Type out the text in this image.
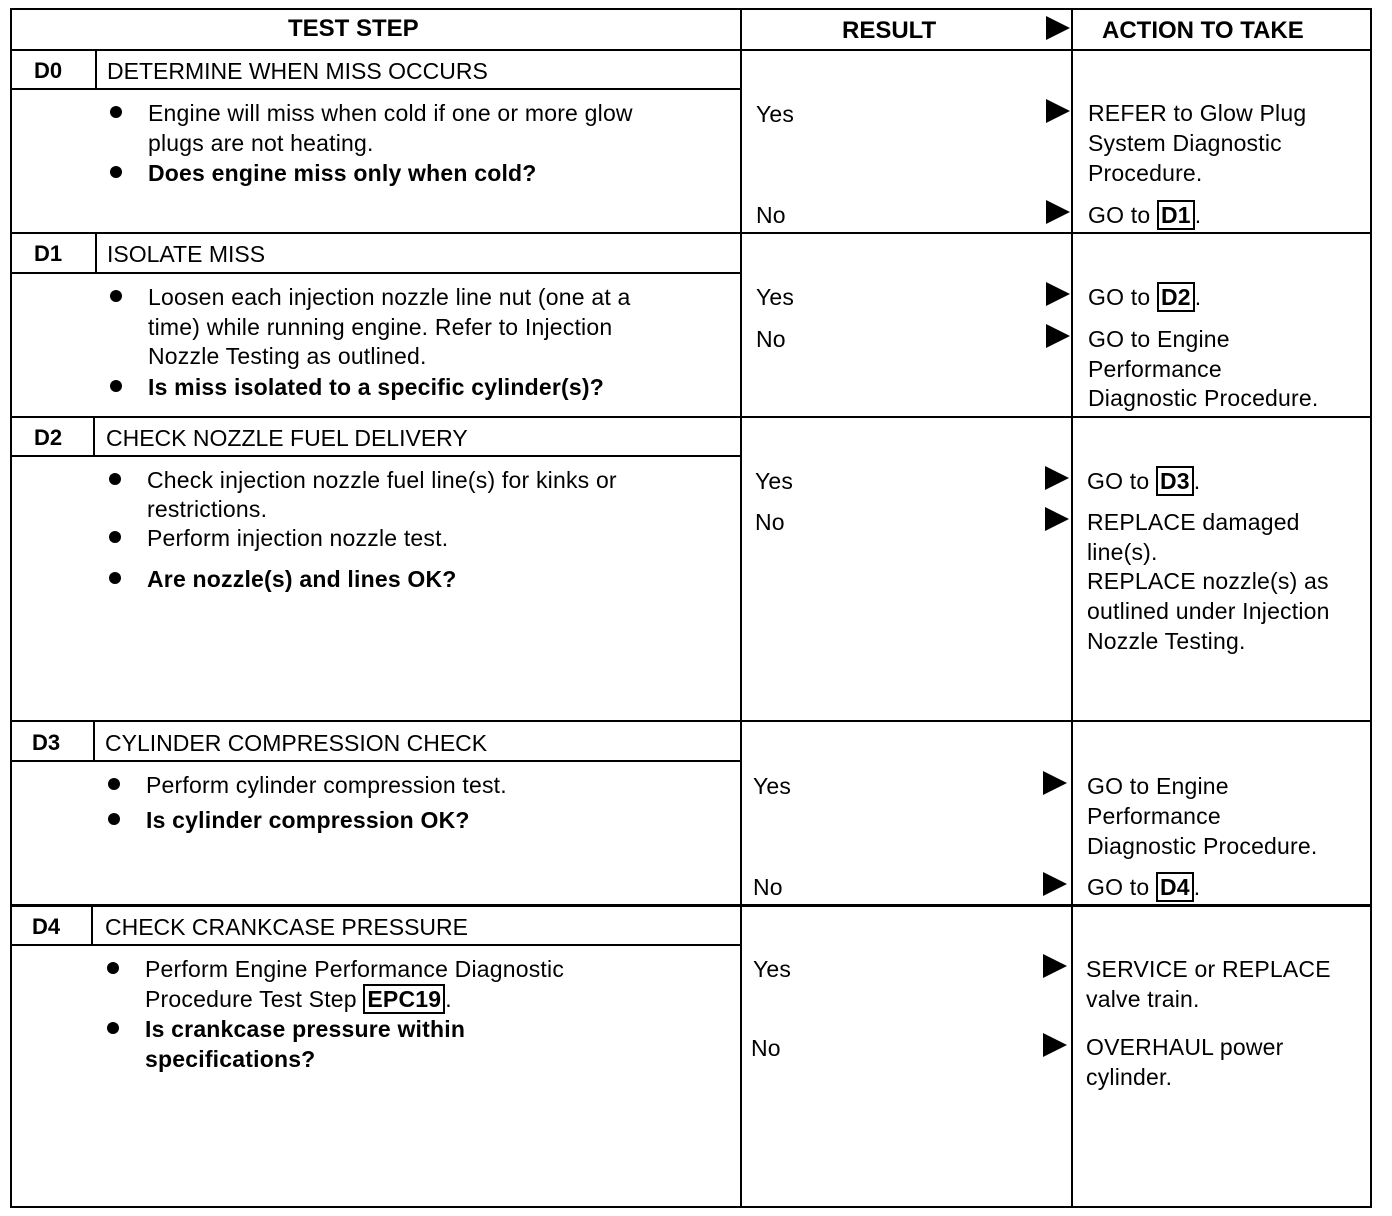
TEST STEP	RESULT	ACTION TO TAKE
D0 DETERMINE WHEN MISS OCCURS
Engine will miss when cold if one or more glow
plugs are not heating.
Does engine miss only when cold?
Yes
No
REFER to Glow Plug
System Diagnostic
Procedure.
GO to D1 .
D1 ISOLATE MISS
Loosen each injection nozzle line nut (one at a
time) while running engine. Refer to Injection
Nozzle Testing as outlined.
Is miss isolated to a specific cylinder(s)?
Yes
No
GO to D2 .
GO to Engine
Performance
Diagnostic Procedure.
D2 CHECK NOZZLE FUEL DELIVERY
Check injection nozzle fuel line(s) for kinks or
restrictions.
Perform injection nozzle test.
Are nozzle(s) and lines OK?
Yes
No
GO to D3 .
REPLACE damaged
line(s).
REPLACE nozzle(s) as
outlined under Injection
Nozzle Testing.
D3 CYLINDER COMPRESSION CHECK
Perform cylinder compression test.
Is cylinder compression OK?
Yes
No
GO to Engine
Performance
Diagnostic Procedure.
GO to D4 .
D4 CHECK CRANKCASE PRESSURE
Perform Engine Performance Diagnostic
Procedure Test Step EPC19 .
Is crankcase pressure within
specifications?
Yes
No
SERVICE or REPLACE
valve train.
OVERHAUL power
cylinder.
